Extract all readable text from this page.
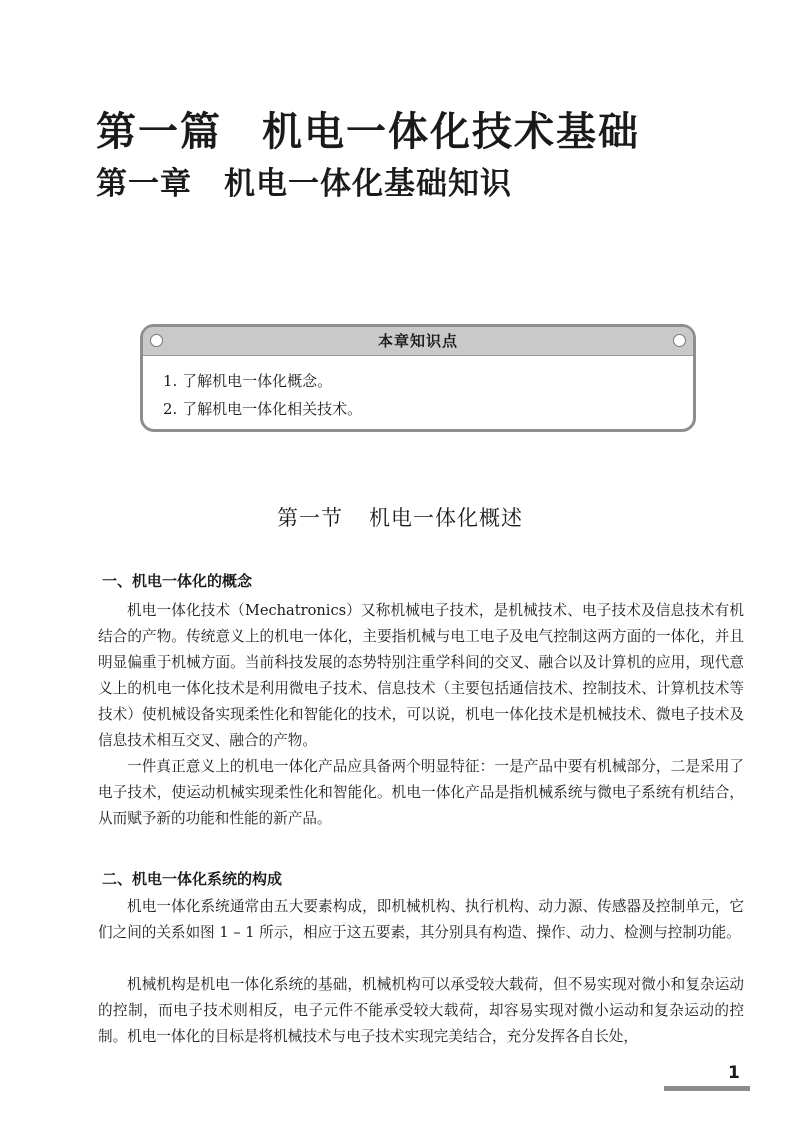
第一篇 机电一体化技术基础
第一章 机电一体化基础知识
本章知识点
1. 了解机电一体化概念。
2. 了解机电一体化相关技术。
第一节 机电一体化概述
一、机电一体化的概念

机电一体化技术（Mechatronics）又称机械电子技术，是机械技术、电子技术及信息技术有机结合的产物。传统意义上的机电一体化，主要指机械与电工电子及电气控制这两方面的一体化，并且明显偏重于机械方面。当前科技发展的态势特别注重学科间的交叉、融合以及计算机的应用，现代意义上的机电一体化技术是利用微电子技术、信息技术（主要包括通信技术、控制技术、计算机技术等技术）使机械设备实现柔性化和智能化的技术，可以说，机电一体化技术是机械技术、微电子技术及信息技术相互交叉、融合的产物。

一件真正意义上的机电一体化产品应具备两个明显特征：一是产品中要有机械部分，二是采用了电子技术，使运动机械实现柔性化和智能化。机电一体化产品是指机械系统与微电子系统有机结合，从而赋予新的功能和性能的新产品。

二、机电一体化系统的构成

机电一体化系统通常由五大要素构成，即机械机构、执行机构、动力源、传感器及控制单元，它们之间的关系如图 1 – 1 所示，相应于这五要素，其分别具有构造、操作、动力、检测与控制功能。

机械机构是机电一体化系统的基础，机械机构可以承受较大载荷，但不易实现对微小和复杂运动的控制，而电子技术则相反，电子元件不能承受较大载荷，却容易实现对微小运动和复杂运动的控制。机电一体化的目标是将机械技术与电子技术实现完美结合，充分发挥各自长处，

1
